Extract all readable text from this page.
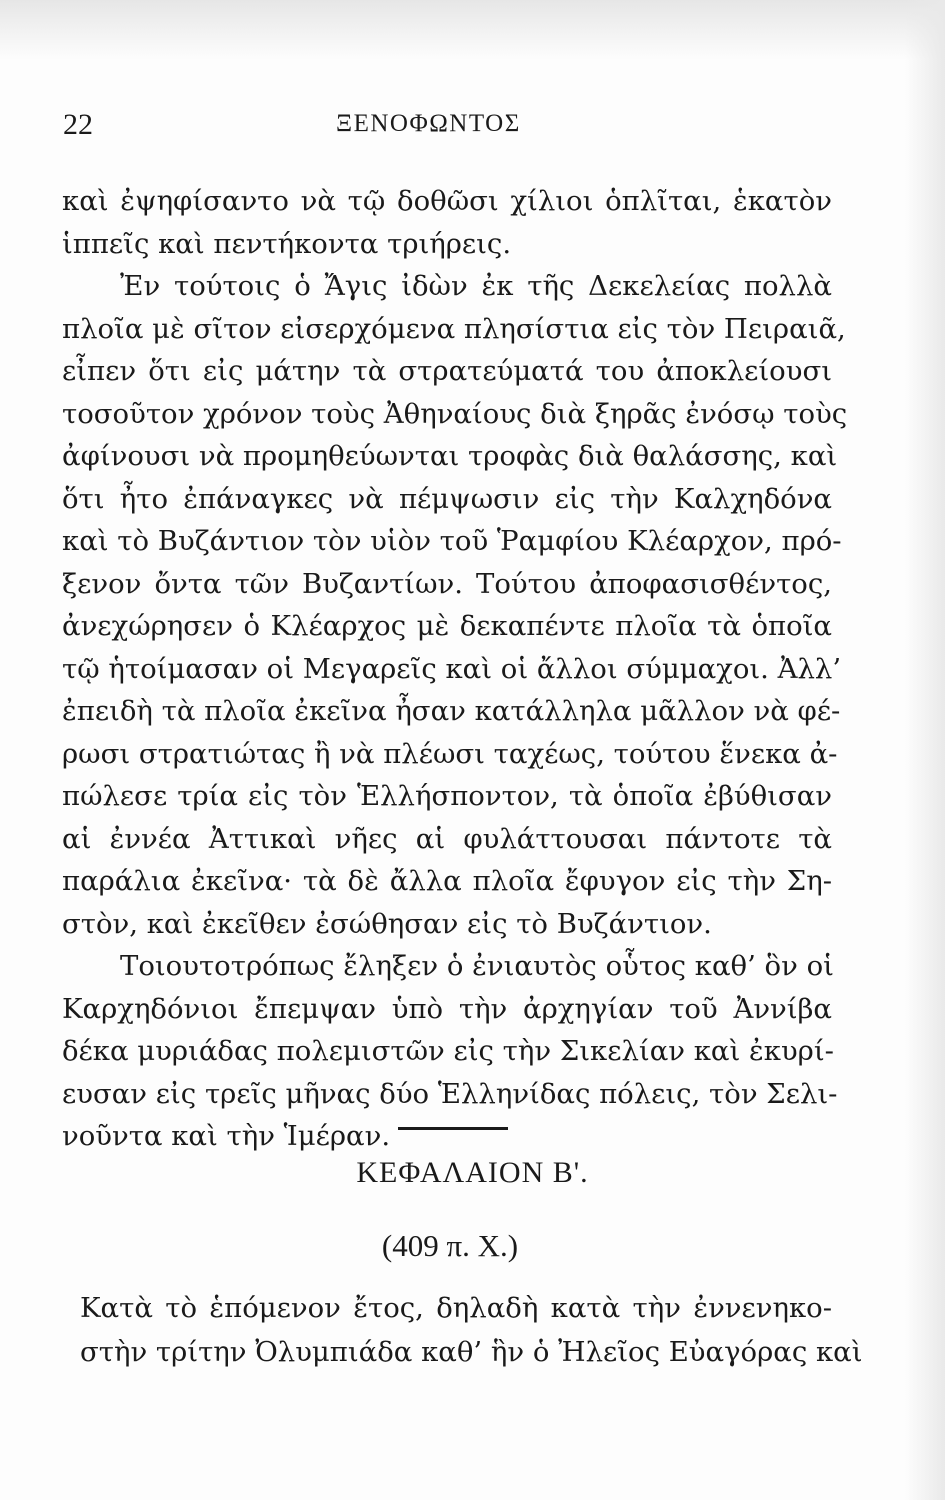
22	ΞΕΝΟΦΩΝΤΟΣ
καὶ ἐψηφίσαντο νὰ τῷ δοθῶσι χίλιοι ὁπλῖται, ἑκατὸν
ἱππεῖς καὶ πεντήκοντα τριήρεις.
Ἐν τούτοις ὁ Ἄγις ἰδὼν ἐκ τῆς Δεκελείας πολλὰ
πλοῖα μὲ σῖτον εἰσερχόμενα πλησίστια εἰς τὸν Πειραιᾶ,
εἶπεν ὅτι εἰς μάτην τὰ στρατεύματά του ἀποκλείουσι
τοσοῦτον χρόνον τοὺς Ἀθηναίους διὰ ξηρᾶς ἐνόσῳ τοὺς
ἀφίνουσι νὰ προμηθεύωνται τροφὰς διὰ θαλάσσης, καὶ
ὅτι ἦτο ἐπάναγκες νὰ πέμψωσιν εἰς τὴν Καλχηδόνα
καὶ τὸ Βυζάντιον τὸν υἱὸν τοῦ Ῥαμφίου Κλέαρχον, πρό-
ξενον ὄντα τῶν Βυζαντίων. Τούτου ἀποφασισθέντος,
ἀνεχώρησεν ὁ Κλέαρχος μὲ δεκαπέντε πλοῖα τὰ ὁποῖα
τῷ ἡτοίμασαν οἱ Μεγαρεῖς καὶ οἱ ἄλλοι σύμμαχοι. Ἀλλ’
ἐπειδὴ τὰ πλοῖα ἐκεῖνα ἦσαν κατάλληλα μᾶλλον νὰ φέ-
ρωσι στρατιώτας ἢ νὰ πλέωσι ταχέως, τούτου ἕνεκα ἀ-
πώλεσε τρία εἰς τὸν Ἑλλήσποντον, τὰ ὁποῖα ἐβύθισαν
αἱ ἐννέα Ἀττικαὶ νῆες αἱ φυλάττουσαι πάντοτε τὰ
παράλια ἐκεῖνα· τὰ δὲ ἄλλα πλοῖα ἔφυγον εἰς τὴν Ση-
στὸν, καὶ ἐκεῖθεν ἐσώθησαν εἰς τὸ Βυζάντιον.
Τοιουτοτρόπως ἔληξεν ὁ ἐνιαυτὸς οὗτος καθ’ ὃν οἱ
Καρχηδόνιοι ἔπεμψαν ὑπὸ τὴν ἀρχηγίαν τοῦ Ἀννίβα
δέκα μυριάδας πολεμιστῶν εἰς τὴν Σικελίαν καὶ ἐκυρί-
ευσαν εἰς τρεῖς μῆνας δύο Ἑλληνίδας πόλεις, τὸν Σελι-
νοῦντα καὶ τὴν Ἱμέραν.
ΚΕΦΑΛΑΙΟΝ Β'.
(409 π. Χ.)
Κατὰ τὸ ἑπόμενον ἔτος, δηλαδὴ κατὰ τὴν ἐννενηκο-
στὴν τρίτην Ὀλυμπιάδα καθ’ ἣν ὁ Ἠλεῖος Εὐαγόρας καὶ
